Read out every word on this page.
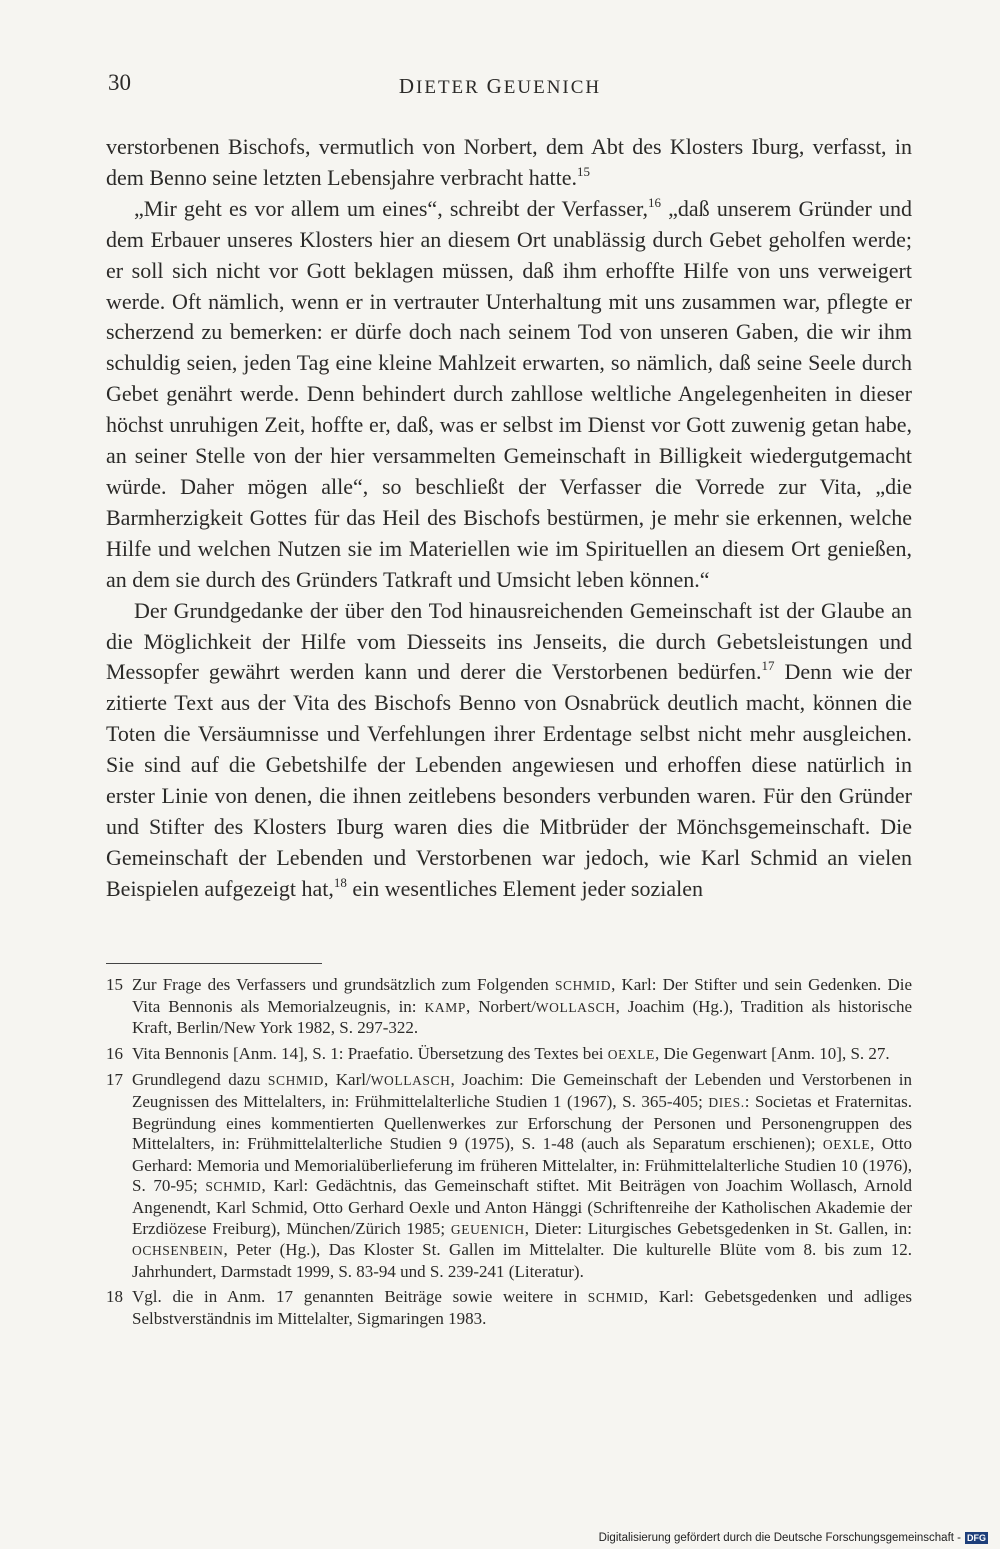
30	DIETER GEUENICH

verstorbenen Bischofs, vermutlich von Norbert, dem Abt des Klosters Iburg, verfasst, in dem Benno seine letzten Lebensjahre verbracht hatte.$^{15}$

„Mir geht es vor allem um eines“, schreibt der Verfasser,$^{16}$ „daß unserem Gründer und dem Erbauer unseres Klosters hier an diesem Ort unablässig durch Gebet geholfen werde; er soll sich nicht vor Gott beklagen müssen, daß ihm erhoffte Hilfe von uns verweigert werde. Oft nämlich, wenn er in vertrauter Unterhaltung mit uns zusammen war, pflegte er scherzend zu bemerken: er dürfe doch nach seinem Tod von unseren Gaben, die wir ihm schuldig seien, jeden Tag eine kleine Mahlzeit erwarten, so nämlich, daß seine Seele durch Gebet genährt werde. Denn behindert durch zahllose weltliche Angelegenheiten in dieser höchst unruhigen Zeit, hoffte er, daß, was er selbst im Dienst vor Gott zuwenig getan habe, an seiner Stelle von der hier versammelten Gemeinschaft in Billigkeit wiedergutgemacht würde. Daher mögen alle“, so beschließt der Verfasser die Vorrede zur Vita, „die Barmherzigkeit Gottes für das Heil des Bischofs bestürmen, je mehr sie erkennen, welche Hilfe und welchen Nutzen sie im Materiellen wie im Spirituellen an diesem Ort genießen, an dem sie durch des Gründers Tatkraft und Umsicht leben können.“

Der Grundgedanke der über den Tod hinausreichenden Gemeinschaft ist der Glaube an die Möglichkeit der Hilfe vom Diesseits ins Jenseits, die durch Gebetsleistungen und Messopfer gewährt werden kann und derer die Verstorbenen bedürfen.$^{17}$ Denn wie der zitierte Text aus der Vita des Bischofs Benno von Osnabrück deutlich macht, können die Toten die Versäumnisse und Verfehlungen ihrer Erdentage selbst nicht mehr ausgleichen. Sie sind auf die Gebetshilfe der Lebenden angewiesen und erhoffen diese natürlich in erster Linie von denen, die ihnen zeitlebens besonders verbunden waren. Für den Gründer und Stifter des Klosters Iburg waren dies die Mitbrüder der Mönchsgemeinschaft. Die Gemeinschaft der Lebenden und Verstorbenen war jedoch, wie Karl Schmid an vielen Beispielen aufgezeigt hat,$^{18}$ ein wesentliches Element jeder sozialen

15 Zur Frage des Verfassers und grundsätzlich zum Folgenden SCHMID, Karl: Der Stifter und sein Gedenken. Die Vita Bennonis als Memorialzeugnis, in: KAMP, Norbert/WOLLASCH, Joachim (Hg.), Tradition als historische Kraft, Berlin/New York 1982, S. 297-322.
16 Vita Bennonis [Anm. 14], S. 1: Praefatio. Übersetzung des Textes bei OEXLE, Die Gegenwart [Anm. 10], S. 27.
17 Grundlegend dazu SCHMID, Karl/WOLLASCH, Joachim: Die Gemeinschaft der Lebenden und Verstorbenen in Zeugnissen des Mittelalters, in: Frühmittelalterliche Studien 1 (1967), S. 365-405; DIES.: Societas et Fraternitas. Begründung eines kommentierten Quellenwerkes zur Erforschung der Personen und Personengruppen des Mittelalters, in: Frühmittelalterliche Studien 9 (1975), S. 1-48 (auch als Separatum erschienen); OEXLE, Otto Gerhard: Memoria und Memorialüberlieferung im früheren Mittelalter, in: Frühmittelalterliche Studien 10 (1976), S. 70-95; SCHMID, Karl: Gedächtnis, das Gemeinschaft stiftet. Mit Beiträgen von Joachim Wollasch, Arnold Angenendt, Karl Schmid, Otto Gerhard Oexle und Anton Hänggi (Schriftenreihe der Katholischen Akademie der Erzdiözese Freiburg), München/Zürich 1985; GEUENICH, Dieter: Liturgisches Gebetsgedenken in St. Gallen, in: OCHSENBEIN, Peter (Hg.), Das Kloster St. Gallen im Mittelalter. Die kulturelle Blüte vom 8. bis zum 12. Jahrhundert, Darmstadt 1999, S. 83-94 und S. 239-241 (Literatur).
18 Vgl. die in Anm. 17 genannten Beiträge sowie weitere in SCHMID, Karl: Gebetsgedenken und adliges Selbstverständnis im Mittelalter, Sigmaringen 1983.
Digitalisierung gefördert durch die Deutsche Forschungsgemeinschaft - DFG
